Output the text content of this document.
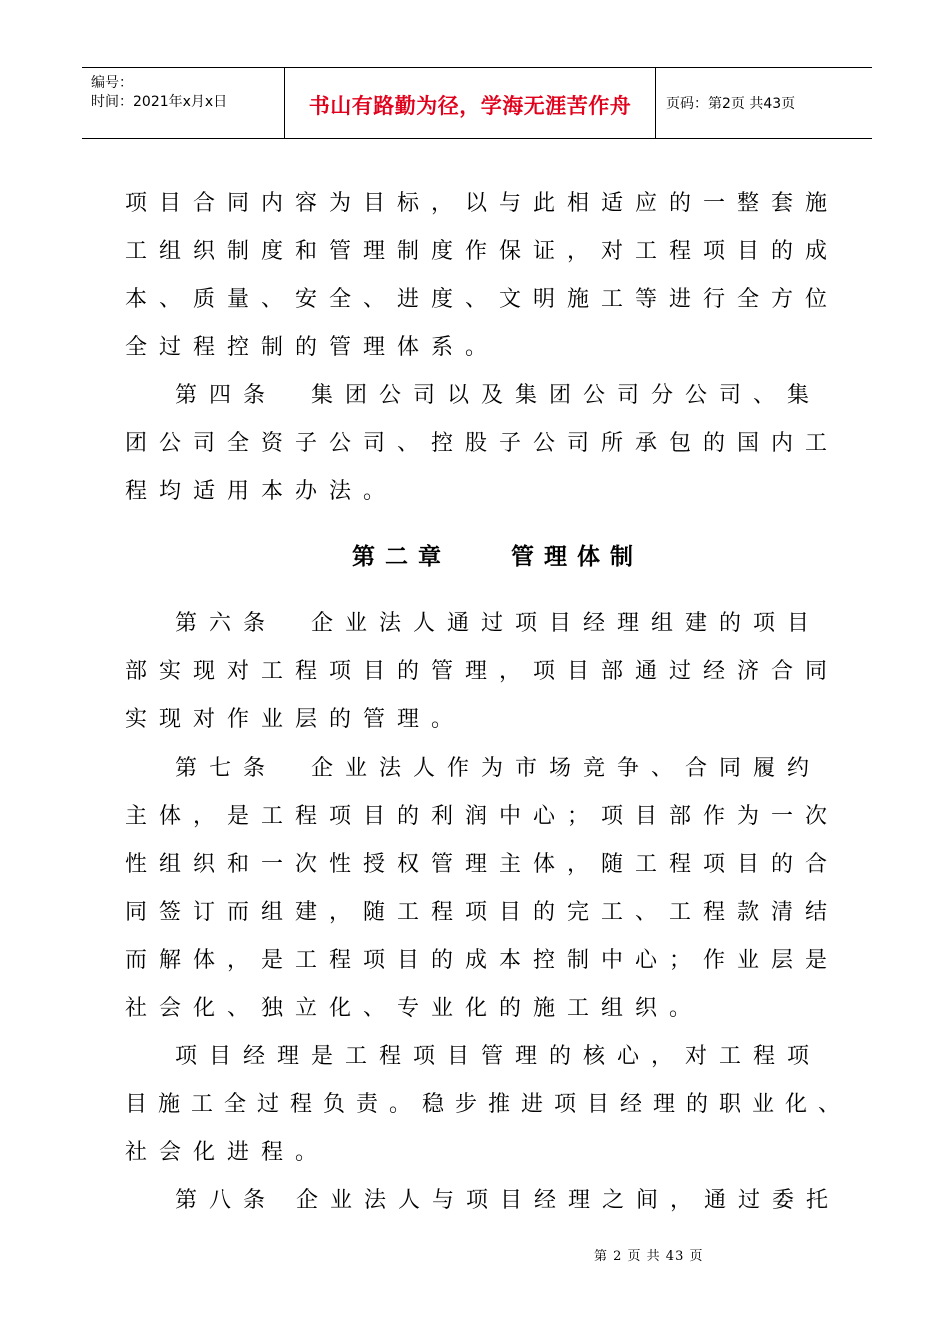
编号：
时间：2021年x月x日	书山有路勤为径，学海无涯苦作舟 页码：第2页 共43页
项目合同内容为目标，以与此相适应的一整套施
工组织制度和管理制度作保证，对工程项目的成
本、质量、安全、进度、文明施工等进行全方位
全过程控制的管理体系。
第四条　集团公司以及集团公司分公司、集
团公司全资子公司、控股子公司所承包的国内工
程均适用本办法。
第二章	管理体制
第六条　企业法人通过项目经理组建的项目
部实现对工程项目的管理，项目部通过经济合同
实现对作业层的管理。
第七条　企业法人作为市场竞争、合同履约
主体，是工程项目的利润中心；项目部作为一次
性组织和一次性授权管理主体，随工程项目的合
同签订而组建，随工程项目的完工、工程款清结
而解体，是工程项目的成本控制中心；作业层是
社会化、独立化、专业化的施工组织。
项目经理是工程项目管理的核心，对工程项
目施工全过程负责。稳步推进项目经理的职业化、
社会化进程。
第八条 企业法人与项目经理之间，通过委托
第 2 页 共 43 页
